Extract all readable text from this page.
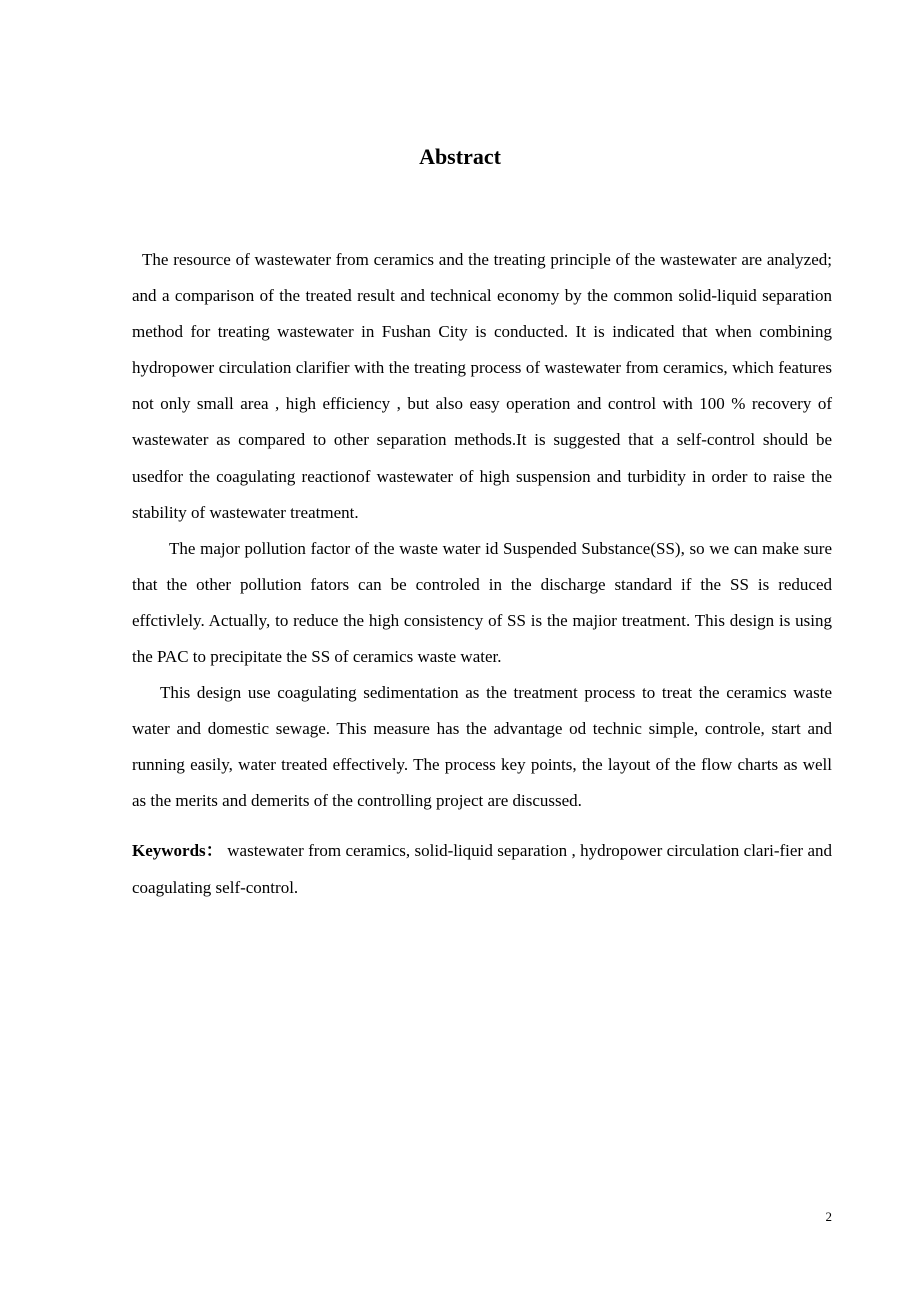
Abstract

The resource of wastewater from ceramics and the treating principle of the wastewater are analyzed; and a comparison of the treated result and technical economy by the common solid-liquid separation method for treating wastewater in Fushan City is conducted. It is indicated that when combining hydropower circulation clarifier with the treating process of wastewater from ceramics, which features not only small area , high efficiency , but also easy operation and control with 100 % recovery of wastewater as compared to other separation methods.It is suggested that a self-control should be usedfor the coagulating reactionof wastewater of high suspension and turbidity in order to raise the stability of wastewater treatment.

The major pollution factor of the waste water id Suspended Substance(SS), so we can make sure that the other pollution fators can be controled in the discharge standard if the SS is reduced effctivlely. Actually, to reduce the high consistency of SS is the majior treatment. This design is using the PAC to precipitate the SS of ceramics waste water.

This design use coagulating sedimentation as the treatment process to treat the ceramics waste water and domestic sewage. This measure has the advantage od technic simple, controle, start and running easily, water treated effectively. The process key points, the layout of the flow charts as well as the merits and demerits of the controlling project are discussed.

Keywords： wastewater from ceramics, solid-liquid separation , hydropower circulation clari-fier and coagulating self-control.

2
